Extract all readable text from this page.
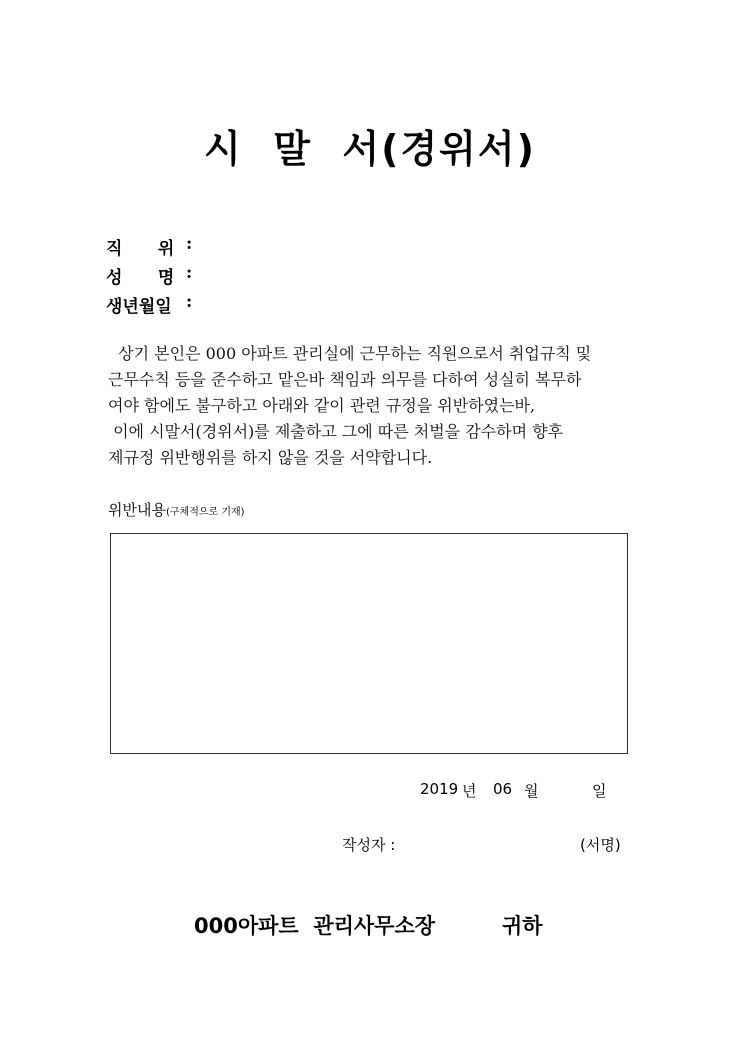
시  말  서(경위서)
직      위 :
성      명 :
생년월일 :
상기 본인은 000 아파트 관리실에 근무하는 직원으로서 취업규칙 및
근무수칙 등을 준수하고 맡은바 책임과 의무를 다하여 성실히 복무하
여야 함에도 불구하고 아래와 같이 관련 규정을 위반하였는바,
이에 시말서(경위서)를 제출하고 그에 따른 처벌을 감수하며 향후
제규정 위반행위를 하지 않을 것을 서약합니다.
위반내용(구체적으로 기재)
2019 년 06 월	일
작성자 :	(서명)
000아파트  관리사무소장	귀하
